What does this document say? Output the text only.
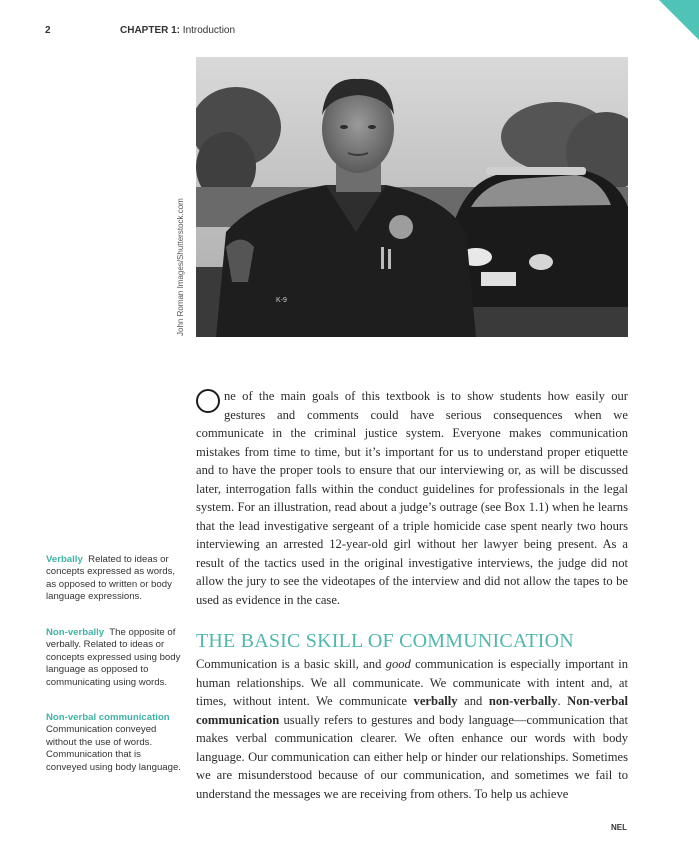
2	CHAPTER 1: Introduction
John Roman Images/Shutterstock.com	K-9
ne of the main goals of this textbook is to show students how easily our gestures and comments could have serious consequences when we communicate in the criminal justice system. Everyone makes communication mistakes from time to time, but it’s important for us to understand proper etiquette and to have the proper tools to ensure that our interviewing or, as will be discussed later, interrogation falls within the conduct guidelines for professionals in the legal system. For an illustration, read about a judge’s outrage (see Box 1.1) when he learns that the lead investigative sergeant of a triple homicide case spent nearly two hours interviewing an arrested 12-year-old girl without her lawyer being present. As a result of the tactics used in the original investigative interviews, the judge did not allow the jury to see the videotapes of the interview and did not allow the tapes to be used as evidence in the case.
THE BASIC SKILL OF COMMUNICATION

Communication is a basic skill, and good communication is especially important in human relationships. We all communicate. We communicate with intent and, at times, without intent. We communicate verbally and non-verbally. Non-verbal communication usually refers to gestures and body language—communication that makes verbal communication clearer. We often enhance our words with body language. Our communication can either help or hinder our relationships. Sometimes we are misunderstood because of our communication, and sometimes we fail to understand the messages we are receiving from others. To help us achieve

Verbally Related to ideas or concepts expressed as words, as opposed to written or body language expressions.
Non-verbally The opposite of verbally. Related to ideas or concepts expressed using body language as opposed to communicating using words.
Non-verbal communication
Communication conveyed without the use of words. Communication that is conveyed using body language.
NEL
